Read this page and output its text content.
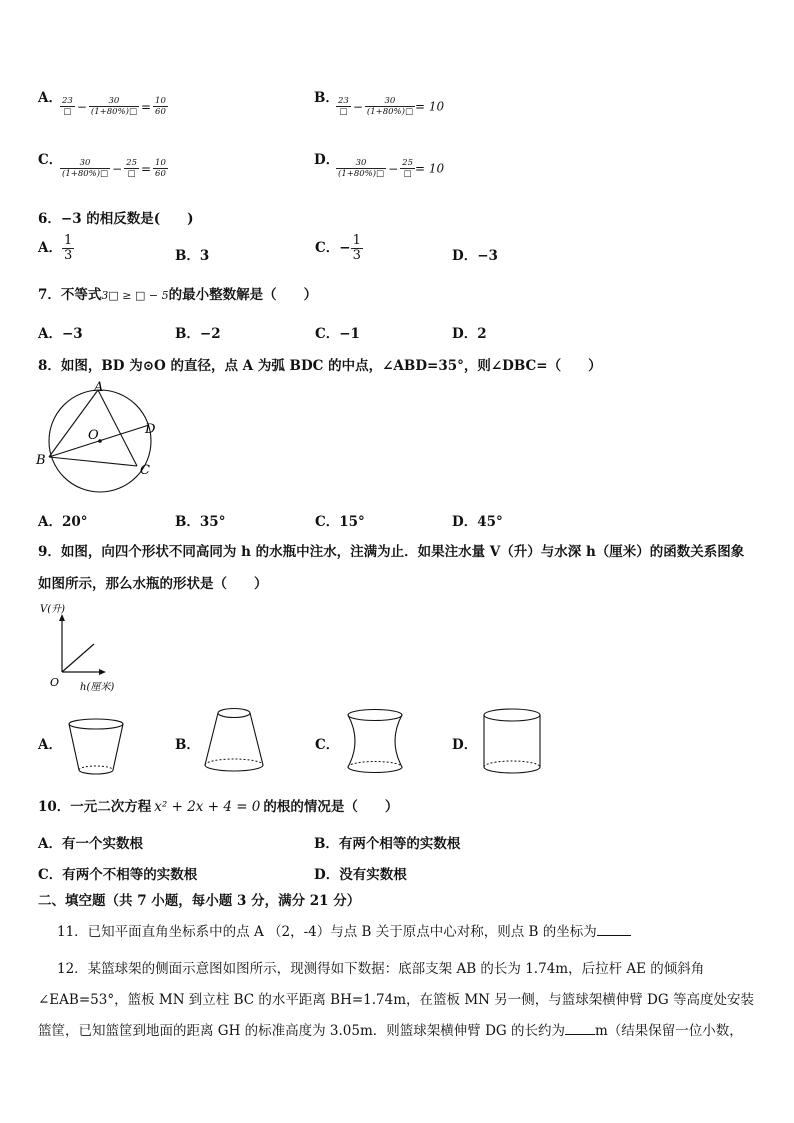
A．
$\frac{23}{□} - \frac{30}{(1+80\%)□} = \frac{10}{60}$	B．
$\frac{23}{□} - \frac{30}{(1+80\%)□} = 10$
C．
$\frac{30}{(1+80\%)□} - \frac{25}{□} = \frac{10}{60}$	D．
$\frac{30}{(1+80\%)□} - \frac{25}{□} = 10$
6．−3 的相反数是(　　)
A． $\frac{1}{3}$	B．3	C．− $\frac{1}{3}$	D．−3
7．不等式3□ ≥ □ − 5的最小整数解是（　　）
A．−3	B．−2	C．−1	D．2
8．如图，BD 为⊙O 的直径，点 A 为弧 BDC 的中点，∠ABD=35°，则∠DBC=（　　）
A
B
C
D
O
A．20°	B．35°	C．15°	D．45°
9．如图，向四个形状不同高同为 h 的水瓶中注水，注满为止．如果注水量 V（升）与水深 h（厘米）的函数关系图象
如图所示，那么水瓶的形状是（　　）
V(升)
h(厘米)
O
A．	B．	C．	D．
10．一元二次方程 x² + 2x + 4 = 0 的根的情况是（　　）
A．有一个实数根	B．有两个相等的实数根
C．有两个不相等的实数根	D．没有实数根
二、填空题（共 7 小题，每小题 3 分，满分 21 分）
11．已知平面直角坐标系中的点 A （2，-4）与点 B 关于原点中心对称，则点 B 的坐标为
12．某篮球架的侧面示意图如图所示，现测得如下数据：底部支架 AB 的长为 1.74m，后拉杆 AE 的倾斜角
∠EAB=53°，篮板 MN 到立柱 BC 的水平距离 BH=1.74m，在篮板 MN 另一侧，与篮球架横伸臂 DG 等高度处安装
篮筐，已知篮筐到地面的距离 GH 的标准高度为 3.05m．则篮球架横伸臂 DG 的长约为 m（结果保留一位小数，
